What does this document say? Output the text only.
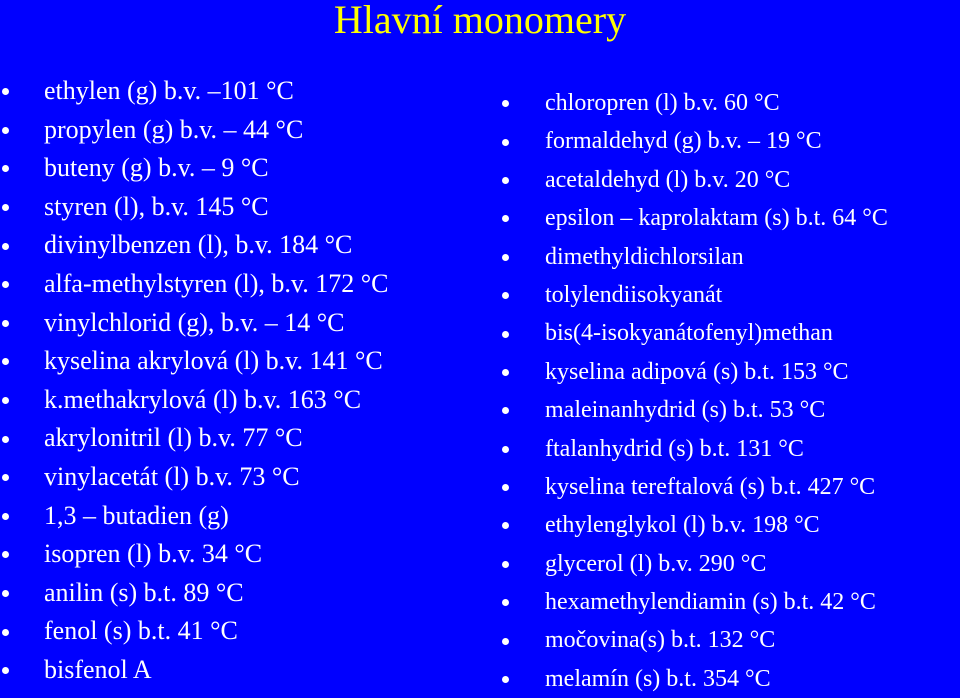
Hlavní monomery
ethylen (g) b.v. –101 °C
propylen (g) b.v. – 44 °C
buteny (g) b.v. – 9 °C
styren (l), b.v. 145 °C
divinylbenzen (l), b.v. 184 °C
alfa-methylstyren (l), b.v. 172 °C
vinylchlorid (g), b.v. – 14 °C
kyselina akrylová (l) b.v. 141 °C
k.methakrylová (l) b.v. 163 °C
akrylonitril (l) b.v. 77 °C
vinylacetát (l) b.v. 73 °C
1,3 – butadien (g)
isopren (l) b.v. 34 °C
anilin (s) b.t. 89 °C
fenol (s) b.t. 41 °C
bisfenol A
chloropren (l) b.v. 60 °C
formaldehyd (g) b.v. – 19 °C
acetaldehyd (l) b.v. 20 °C
epsilon – kaprolaktam (s) b.t. 64 °C
dimethyldichlorsilan
tolylendiisokyanát
bis(4-isokyanátofenyl)methan
kyselina adipová (s) b.t. 153 °C
maleinanhydrid (s) b.t. 53 °C
ftalanhydrid (s) b.t. 131 °C
kyselina tereftalová (s) b.t. 427 °C
ethylenglykol (l) b.v. 198 °C
glycerol (l) b.v. 290 °C
hexamethylendiamin (s) b.t. 42 °C
močovina(s) b.t. 132 °C
melamín (s) b.t. 354 °C
